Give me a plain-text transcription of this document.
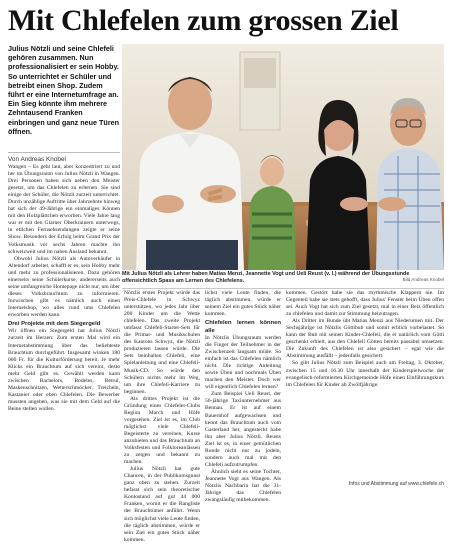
Mit Chlefelen zum grossen Ziel
Julius Nötzli und seine Chlefeli gehören zusammen. Nun professionalisiert er sein Hobby. So unterrichtet er Schüler und betreibt einen Shop. Zudem führt er eine Internetumfrage an. Ein Sieg könnte ihm mehrere Zehntausend Franken einbringen und ganz neue Türen öffnen.
Von Andreas Knobel
Mit Julius Nötzli als Lehrer haben Matias Menzi, Jeannette Vogt und Ueli Reust (v. l.) während der Übungsstunde offensichtlich Spass am Lernen des Chlefelens.	Bild Andreas Knobel

Wangen – Es geht laut, aber konzentriert zu und her im Übungsraum von Julius Nötzli in Wangen. Drei Personen haben sich neben den Meister gesetzt, um das Chlefelen zu erlernen. Sie sind einige der Schüler, die Nötzli zurzeit unterrichtet. Durch unzählige Auftritte über Jahrzehnte hinweg hat sich der 49-Jährige ein einmaliges Können mit den Holzplättchen erworben. Viele Jahre lang war er mit den Glarner Oberkrainern unterwegs, in etlichen Fernsehsendungen zeigte er seine Show. Besonders der Erfolg beim Grand Prix der Volksmusik vor sechs Jahren machte ihn schweizweit und im nahen Ausland bekannt.

Obwohl Julius Nötzli als Autoverkäufer in Altendorf arbeitet, schafft er es, sein Hobby mehr und mehr zu professionalisieren. Dazu gehören einerseits seine Schülerkurse, andererseits auch seine umfangreiche Homepage nicht nur, um über dieses Volksbrauchtum zu informieren. Inzwischen gibt es nämlich auch einen Internetshop, wo alles rund ums Chlefelen erworben werden kann.

Drei Projekte mit dem Siegergeld

Wir öffnen ein Siegergeld hat Julius Nötzli zurzeit im Herzen: Zum ersten Mal wird ein Internetabstimmung über das beliebteste Brauchtum durchgeführt. Insgesamt winken 180 000 Fr. für die Kulturförderung bereit. Je mehr Klicks ein Brauchtum auf sich vereint, desto mehr Geld gibt es. Gewählt werden kann zwischen Bachelors, Bodeles, Betrul, Maskenschnitzen, Wetterschmöcker, Treicheln, Kastanier oder eben Chlefelen. Die Bewerber mussten angeben, was sie mit dem Geld auf die Beine stellen wollen.

Nötzlis erstes Projekt würde das Preis-Chlefele in Schwyz unterstützen, wo jedes Jahr über 200 Kinder um die Wette chlefelen. Das zweite Projekt umfasst Chlefeli-Starter-Sets für die Primar- und Musikschulen des Kantons Schwyz, die Nötzli produzieren lassen würde. Die Sets beinhalten Chlefeli, eine Spielanleitung und eine Chlefeli-Musik-CD. So würde den Schülern nichts mehr im Weg, um ihre Chlefeli-Karriere zu beginnen.

Als drittes Projekt ist die Gründung eines Chlefeler-Clubs Region March und Höfe vorgesehen. Ziel ist es, im Club möglichst viele Chlefeli-Begeisterte zu vereinen, Kurse anzubieten und das Brauchtum an Volksfesten und Folkloreanlässen zu zeigen und bekannt zu machen.

Julius Nötzli hat gute Chancen, in der Publikumsgunst ganz oben zu stehen. Zurzeit befasst sich sein theoretischer Kontostand auf gut 44 000 Franken, womit er die Rangliste der Brauchtümer anführt. Wenn sich möglichst viele Leute finden, die täglich abstimmen, würde er sein Ziel ein gutes Stück näher kommen.

lichst viele Leute finden, die täglich abstimmen, würde er seinem Ziel ein gutes Stück näher kommen.

Chlefelen lernen können alle

In Nötzlis Übungsraum werden die Finger der Teilnehmer in der Zwischenzeit langsam müde. So einfach ist das Chlefelen nämlich nicht. Die richtige Anleitung sowie Üben und nochmals Üben machen den Meister. Doch wer will eigentlich Chlefelen lernen?

Zum Beispiel Ueli Reust, der 56-jährige Taxiunternehmer aus Bennau. Er ist auf einem Bauernhof aufgewachsen und kennt das Brauchtum auch vom Gasterland her, angesteckt habe ihn aber Julius Nötzli. Reusts Ziel ist es, in einer gemütlichen Runde nicht nur zu jodeln, sondern auch mal mit den Chlefeli aufzutrumpfen.

Ähnlich sieht es seine Tochter, Jeannette Vogt aus Wangen. Als Nötzlis Nachbarin hat die 31-Jährige das Chlefelen zwangsläufig mitbekommen.

kommen. Gestört habe sie das rhythmische Klappern nie. Im Gegenteil habe sie stets gehofft, dass Julius' Fenster beim Üben offen sei. Auch Vogt hat sich zum Ziel gesetzt, mal in einer Beiz öffentlich zu chlefelen und damit zur Stimmung beizutragen.

Als Dritter im Bunde übt Matias Menzi aus Niederurnen mit. Der Sechsjährige ist Nötzlis Göttibub und somit erblich vorbelastet. So kann der Bub mit seinen Kinder-Chlefeli, die er natürlich vom Götti geschenkt erhielt, aus den Chlefeli Götten bereits passabel umsetzen. Die Zukunft des Chlefelen ist also gesichert – egal wie die Abstimmung ausfällt – jedenfalls gesichert.

So gibt Julius Nötzli zum Beispiel auch am Freitag, 3. Oktober, zwischen 15 und 16.30 Uhr innerhalb der Kinderspielwoche der evangelisch-reformierten Kirchgemeinde Höfe einen Einführungskurs im Chlefelen für Kinder ab Zwölfjährige.

Infos und Abstimmung auf www.chlefele.ch
